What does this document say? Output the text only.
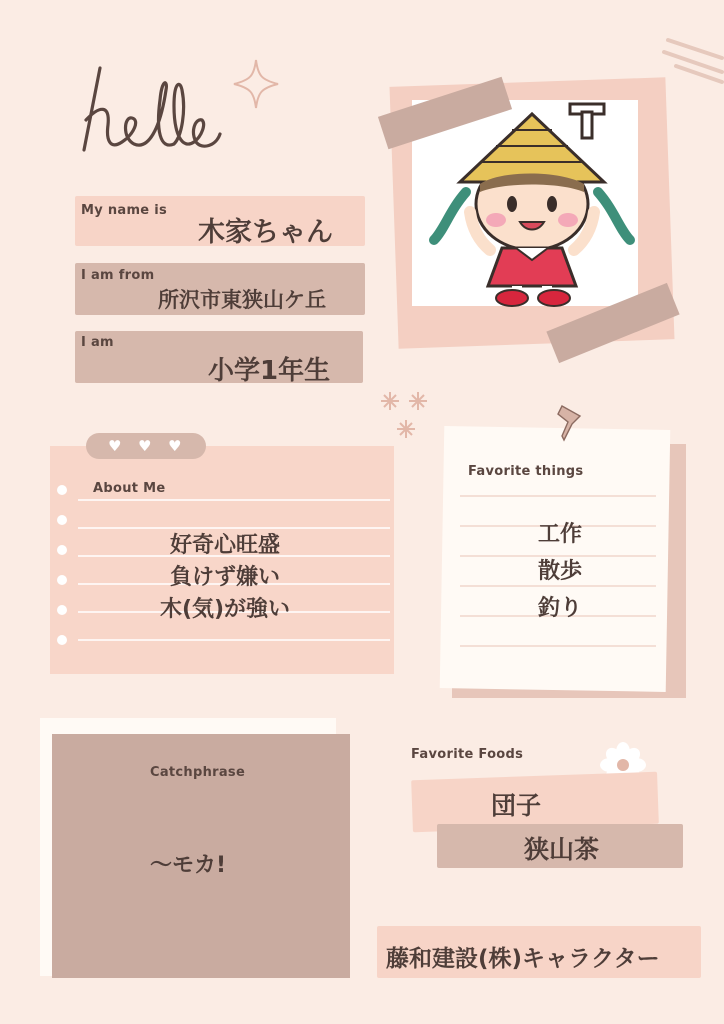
hello
My name is
木家ちゃん
I am from
所沢市東狭山ケ丘
I am
小学1年生
♥ ♥ ♥
About Me
好奇心旺盛
負けず嫌い
木(気)が強い
Favorite things
工作
散歩
釣り
Catchphrase
〜モカ!
Favorite Foods
団子
狭山茶
藤和建設(株)キャラクター
